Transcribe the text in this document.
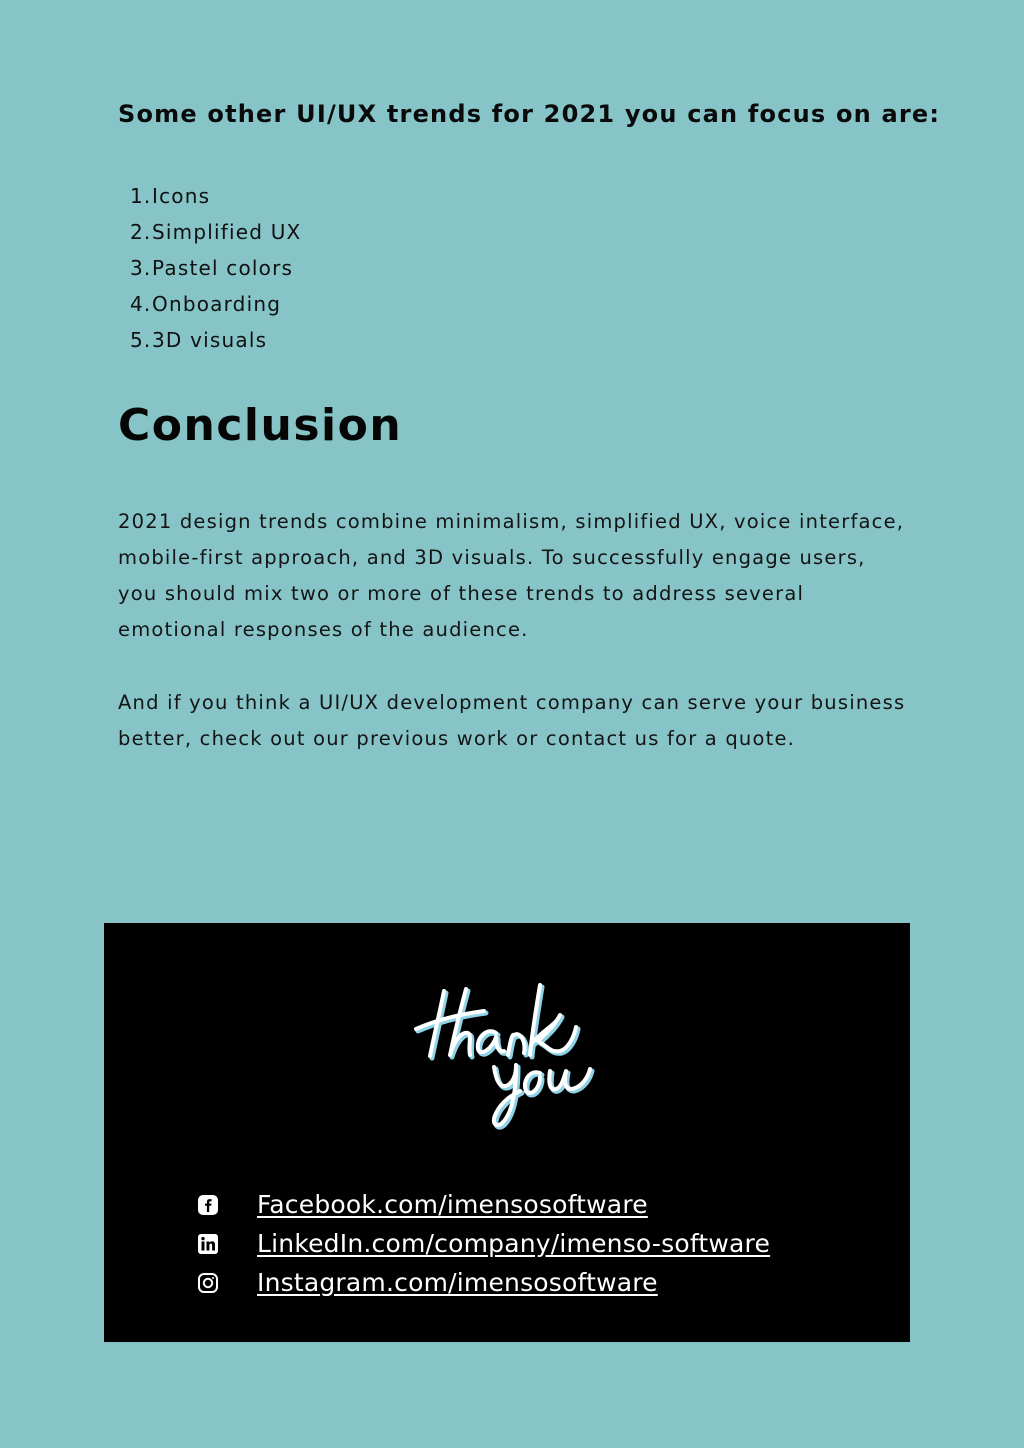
Some other UI/UX trends for 2021 you can focus on are:
1. Icons
2. Simplified UX
3. Pastel colors
4. Onboarding
5. 3D visuals
Conclusion

2021 design trends combine minimalism, simplified UX, voice interface, mobile-first approach, and 3D visuals. To successfully engage users, you should mix two or more of these trends to address several emotional responses of the audience.

And if you think a UI/UX development company can serve your business better, check out our previous work or contact us for a quote.

Facebook.com/imensosoftware
LinkedIn.com/company/imenso-software
Instagram.com/imensosoftware
